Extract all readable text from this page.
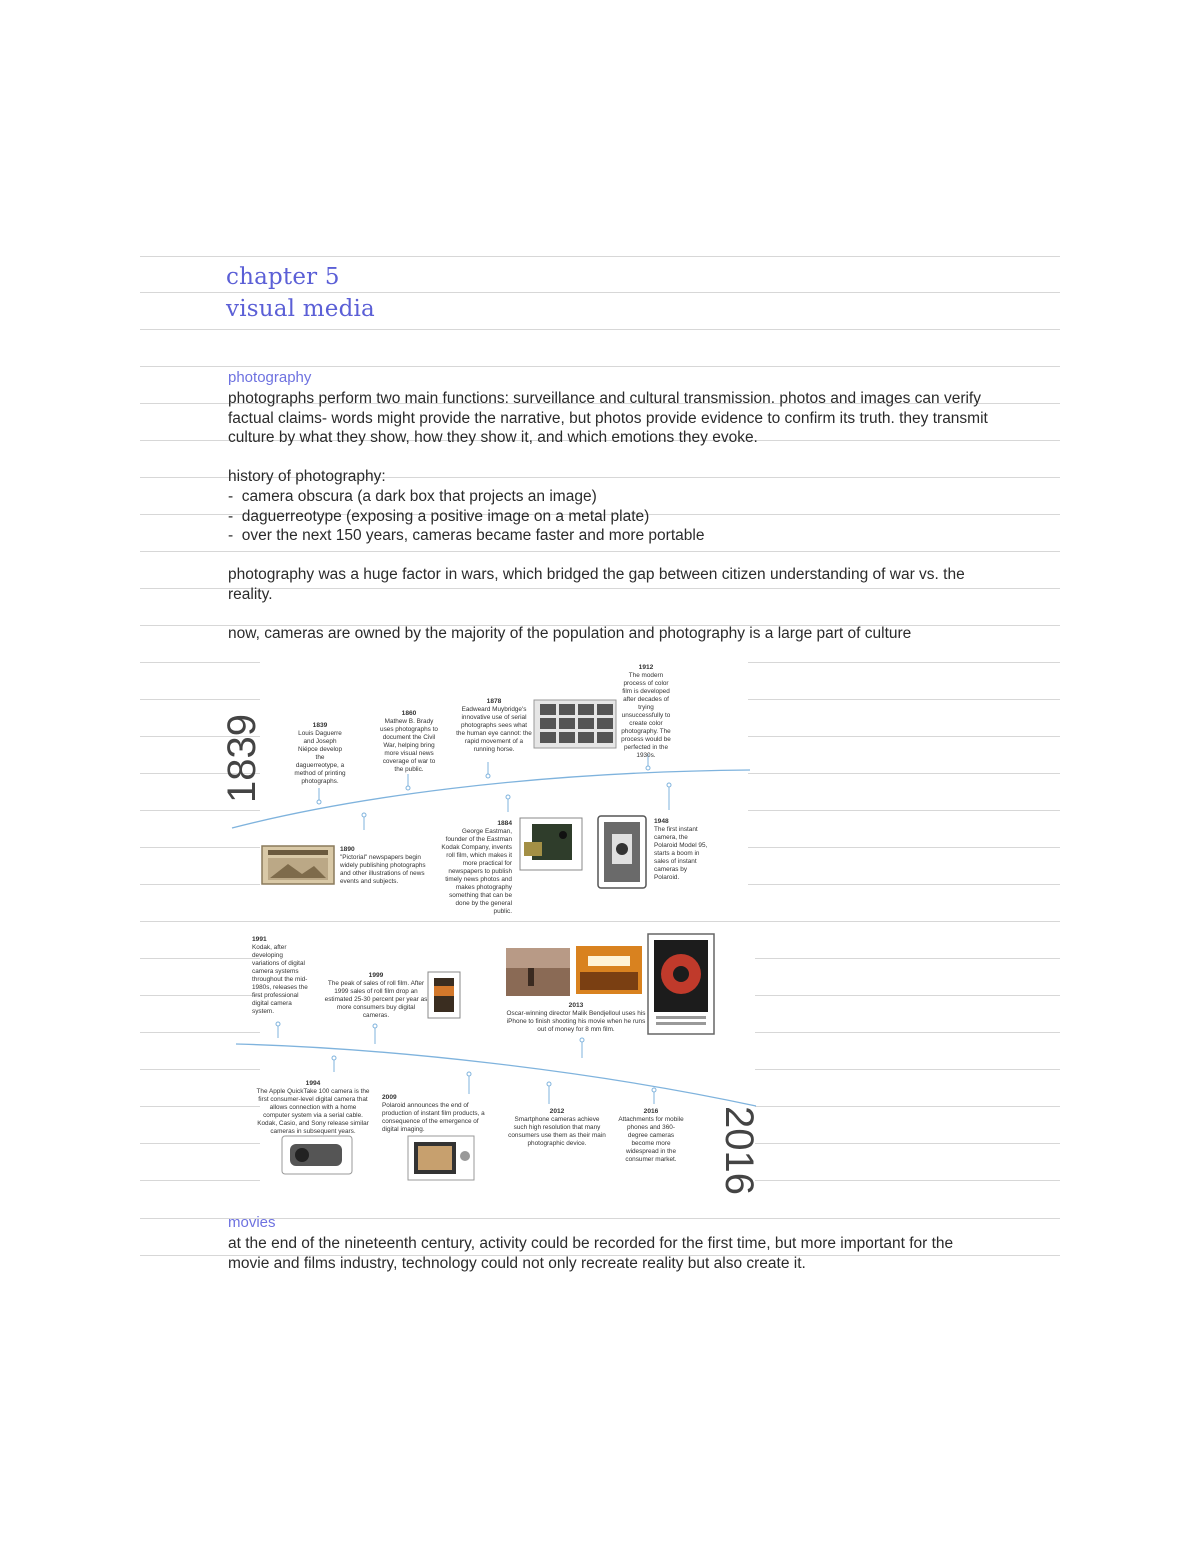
chapter 5
visual media
photography

photographs perform two main functions: surveillance and cultural transmission. photos and images can verify factual claims- words might provide the narrative, but photos provide evidence to confirm its truth. they transmit culture by what they show, how they show it, and which emotions they evoke.

history of photography:

- camera obscura (a dark box that projects an image)
- daguerreotype (exposing a positive image on a metal plate)
- over the next 150 years, cameras became faster and more portable

photography was a huge factor in wars, which bridged the gap between citizen understanding of war vs. the reality.

now, cameras are owned by the majority of the population and photography is a large part of culture

1839	1839
Louis Daguerre and Joseph Niépce develop the daguerreotype, a method of printing photographs.
1860
Mathew B. Brady uses photographs to document the Civil War, helping bring more visual news coverage of war to the public.
1878
Eadweard Muybridge's innovative use of serial photographs sees what the human eye cannot: the rapid movement of a running horse.
1912
The modern process of color film is developed after decades of trying unsuccessfully to create color photography. The process would be perfected in the 1930s.
1890
"Pictorial" newspapers begin widely publishing photographs and other illustrations of news events and subjects.
1884
George Eastman, founder of the Eastman Kodak Company, invents roll film, which makes it more practical for newspapers to publish timely news photos and makes photography something that can be done by the general public.
1948
The first instant camera, the Polaroid Model 95, starts a boom in sales of instant cameras by Polaroid.
2016
1991
Kodak, after developing variations of digital camera systems throughout the mid-1980s, releases the first professional digital camera system.
1999
The peak of sales of roll film. After 1999 sales of roll film drop an estimated 25-30 percent per year as more consumers buy digital cameras.
2013
Oscar-winning director Malik Bendjelloul uses his iPhone to finish shooting his movie when he runs out of money for 8 mm film.
1994
The Apple QuickTake 100 camera is the first consumer-level digital camera that allows connection with a home computer system via a serial cable. Kodak, Casio, and Sony release similar cameras in subsequent years.
2009
Polaroid announces the end of production of instant film products, a consequence of the emergence of digital imaging.
2012
Smartphone cameras achieve such high resolution that many consumers use them as their main photographic device.
2016
Attachments for mobile phones and 360-degree cameras become more widespread in the consumer market.
movies
at the end of the nineteenth century, activity could be recorded for the first time, but more important for the movie and films industry, technology could not only recreate reality but also create it.
